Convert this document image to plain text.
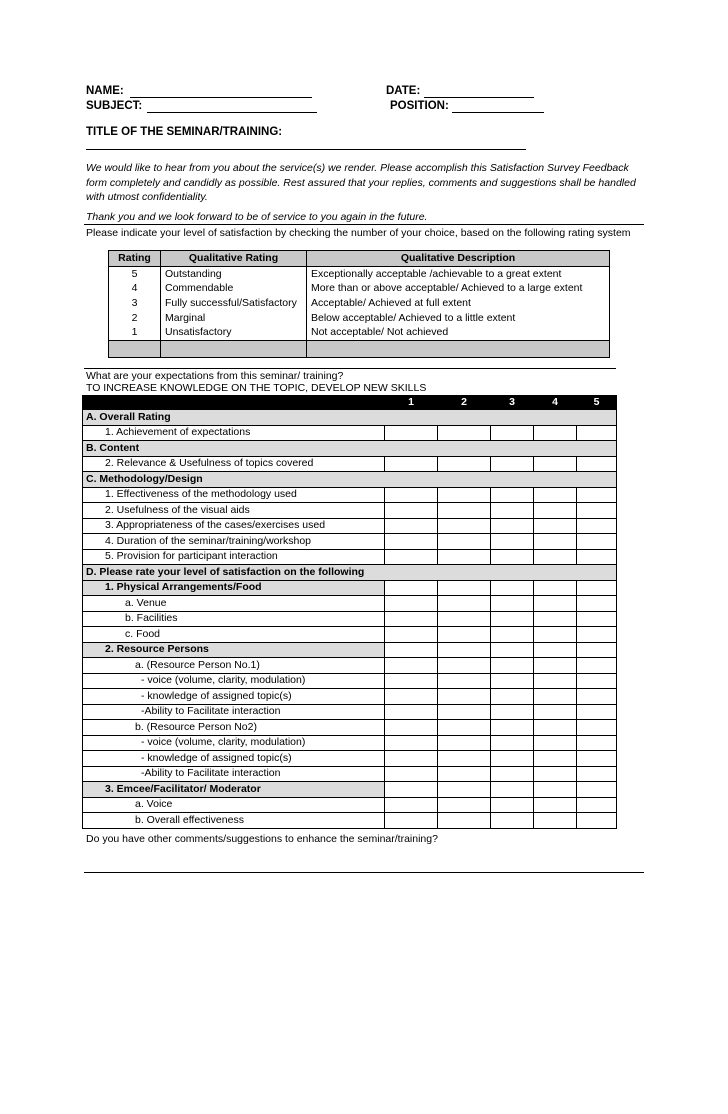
NAME:	DATE:
SUBJECT:	POSITION:
TITLE OF THE SEMINAR/TRAINING:
We would like to hear from you about the service(s) we render. Please accomplish this Satisfaction Survey Feedback form completely and candidly as possible. Rest assured that your replies, comments and suggestions shall be handled with utmost confidentiality.
Thank you and we look forward to be of service to you again in the future.
Please indicate your level of satisfaction by checking the number of your choice, based on the following rating system
Rating	Qualitative Rating	Qualitative Description
5	Outstanding	Exceptionally acceptable /achievable to a great extent
4	Commendable	More than or above acceptable/ Achieved to a large extent
3	Fully successful/Satisfactory	Acceptable/ Achieved at full extent
2	Marginal	Below acceptable/ Achieved to a little extent
1	Unsatisfactory	Not acceptable/ Not achieved

What are your expectations from this seminar/ training?
TO INCREASE KNOWLEDGE ON THE TOPIC, DEVELOP NEW SKILLS
	1	2	3	4	5
A. Overall Rating					
1. Achievement of expectations					
B. Content					
2. Relevance & Usefulness of topics covered					
C. Methodology/Design					
1. Effectiveness of the methodology used					
2. Usefulness of the visual aids					
3. Appropriateness of the cases/exercises used					
4. Duration of the seminar/training/workshop					
5. Provision for participant interaction					
D. Please rate your level of satisfaction on the following					
1. Physical Arrangements/Food					
a. Venue					
b. Facilities					
c. Food					
2. Resource Persons					
a. (Resource Person No.1)					
- voice (volume, clarity, modulation)					
- knowledge of assigned topic(s)					
-Ability to Facilitate interaction					
b. (Resource Person No2)					
- voice (volume, clarity, modulation)					
- knowledge of assigned topic(s)					
-Ability to Facilitate interaction					
3. Emcee/Facilitator/ Moderator					
a. Voice					
b. Overall effectiveness					
Do you have other comments/suggestions to enhance the seminar/training?
